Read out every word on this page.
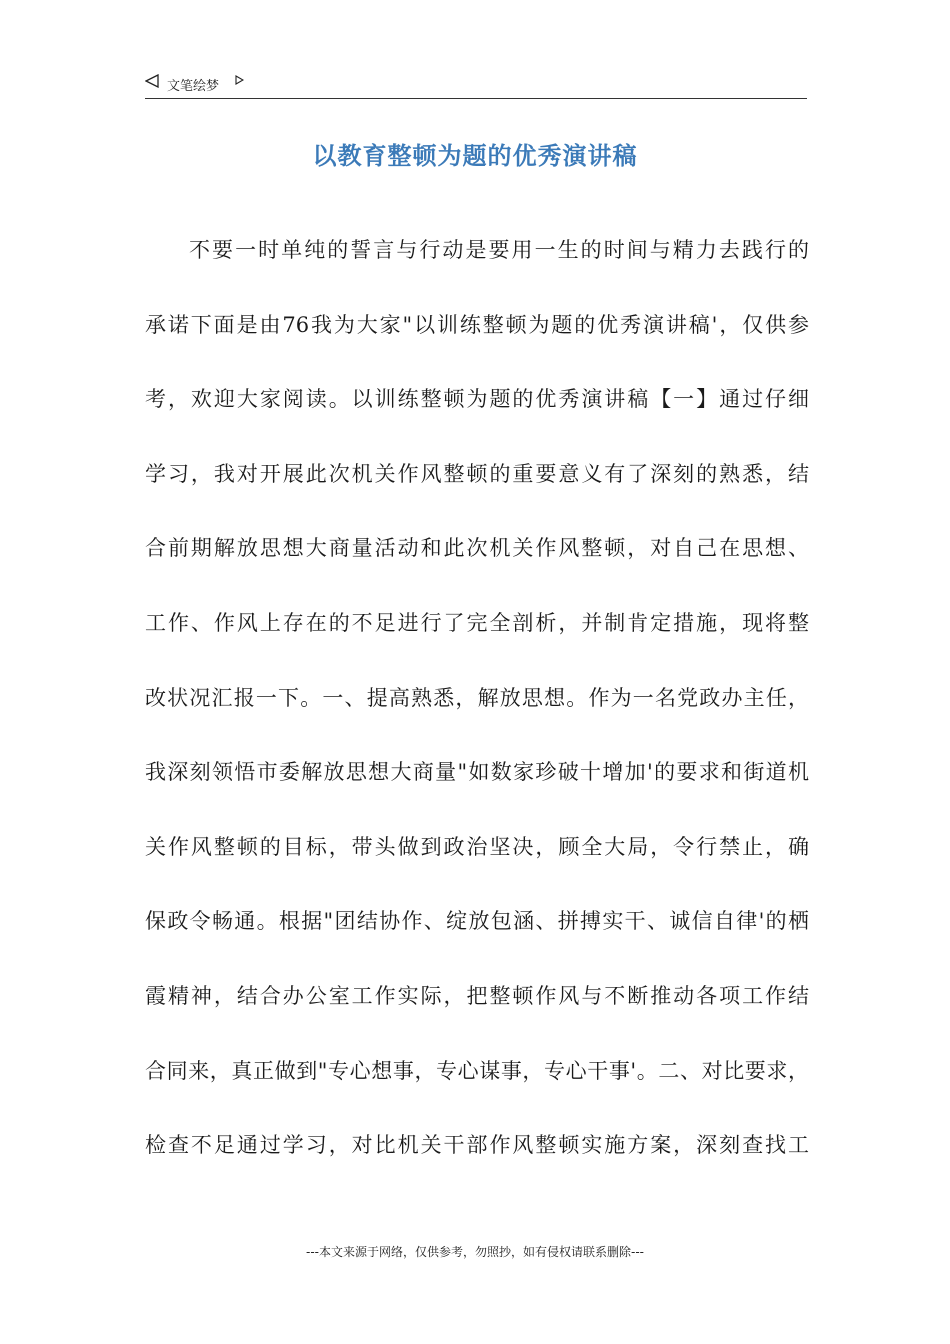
文笔绘梦
以教育整顿为题的优秀演讲稿
不要一时单纯的誓言与行动是要用一生的时间与精力去践行的
承诺下面是由76我为大家"以训练整顿为题的优秀演讲稿'，仅供参
考，欢迎大家阅读。以训练整顿为题的优秀演讲稿【一】通过仔细
学习，我对开展此次机关作风整顿的重要意义有了深刻的熟悉，结
合前期解放思想大商量活动和此次机关作风整顿，对自己在思想、
工作、作风上存在的不足进行了完全剖析，并制肯定措施，现将整
改状况汇报一下。一、提高熟悉，解放思想。作为一名党政办主任，
我深刻领悟市委解放思想大商量"如数家珍破十增加'的要求和街道机
关作风整顿的目标，带头做到政治坚决，顾全大局，令行禁止，确
保政令畅通。根据"团结协作、绽放包涵、拼搏实干、诚信自律'的栖
霞精神，结合办公室工作实际，把整顿作风与不断推动各项工作结
合同来，真正做到"专心想事，专心谋事，专心干事'。二、对比要求，
检查不足通过学习，对比机关干部作风整顿实施方案，深刻查找工
---本文来源于网络，仅供参考，勿照抄，如有侵权请联系删除---
